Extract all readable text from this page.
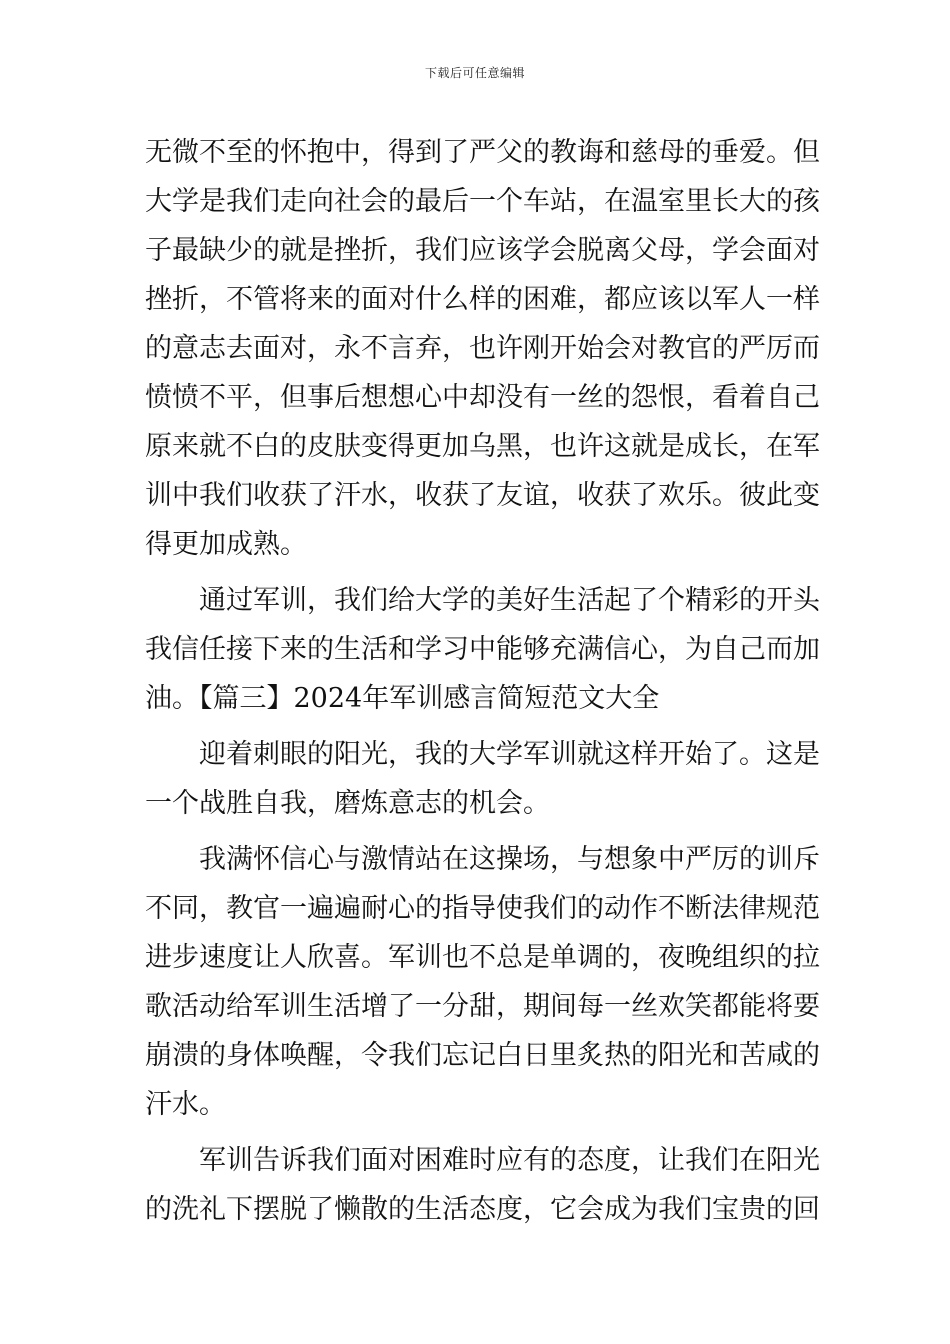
下载后可任意编辑
无微不至的怀抱中，得到了严父的教诲和慈母的垂爱。但
大学是我们走向社会的最后一个车站，在温室里长大的孩
子最缺少的就是挫折，我们应该学会脱离父母，学会面对
挫折，不管将来的面对什么样的困难，都应该以军人一样
的意志去面对，永不言弃，也许刚开始会对教官的严厉而
愤愤不平，但事后想想心中却没有一丝的怨恨，看着自己
原来就不白的皮肤变得更加乌黑，也许这就是成长，在军
训中我们收获了汗水，收获了友谊，收获了欢乐。彼此变
得更加成熟。
通过军训，我们给大学的美好生活起了个精彩的开头
我信任接下来的生活和学习中能够充满信心，为自己而加
油。【篇三】2024年军训感言简短范文大全
迎着刺眼的阳光，我的大学军训就这样开始了。这是
一个战胜自我，磨炼意志的机会。
我满怀信心与激情站在这操场，与想象中严厉的训斥
不同，教官一遍遍耐心的指导使我们的动作不断法律规范
进步速度让人欣喜。军训也不总是单调的，夜晚组织的拉
歌活动给军训生活增了一分甜，期间每一丝欢笑都能将要
崩溃的身体唤醒，令我们忘记白日里炙热的阳光和苦咸的
汗水。
军训告诉我们面对困难时应有的态度，让我们在阳光
的洗礼下摆脱了懒散的生活态度，它会成为我们宝贵的回
